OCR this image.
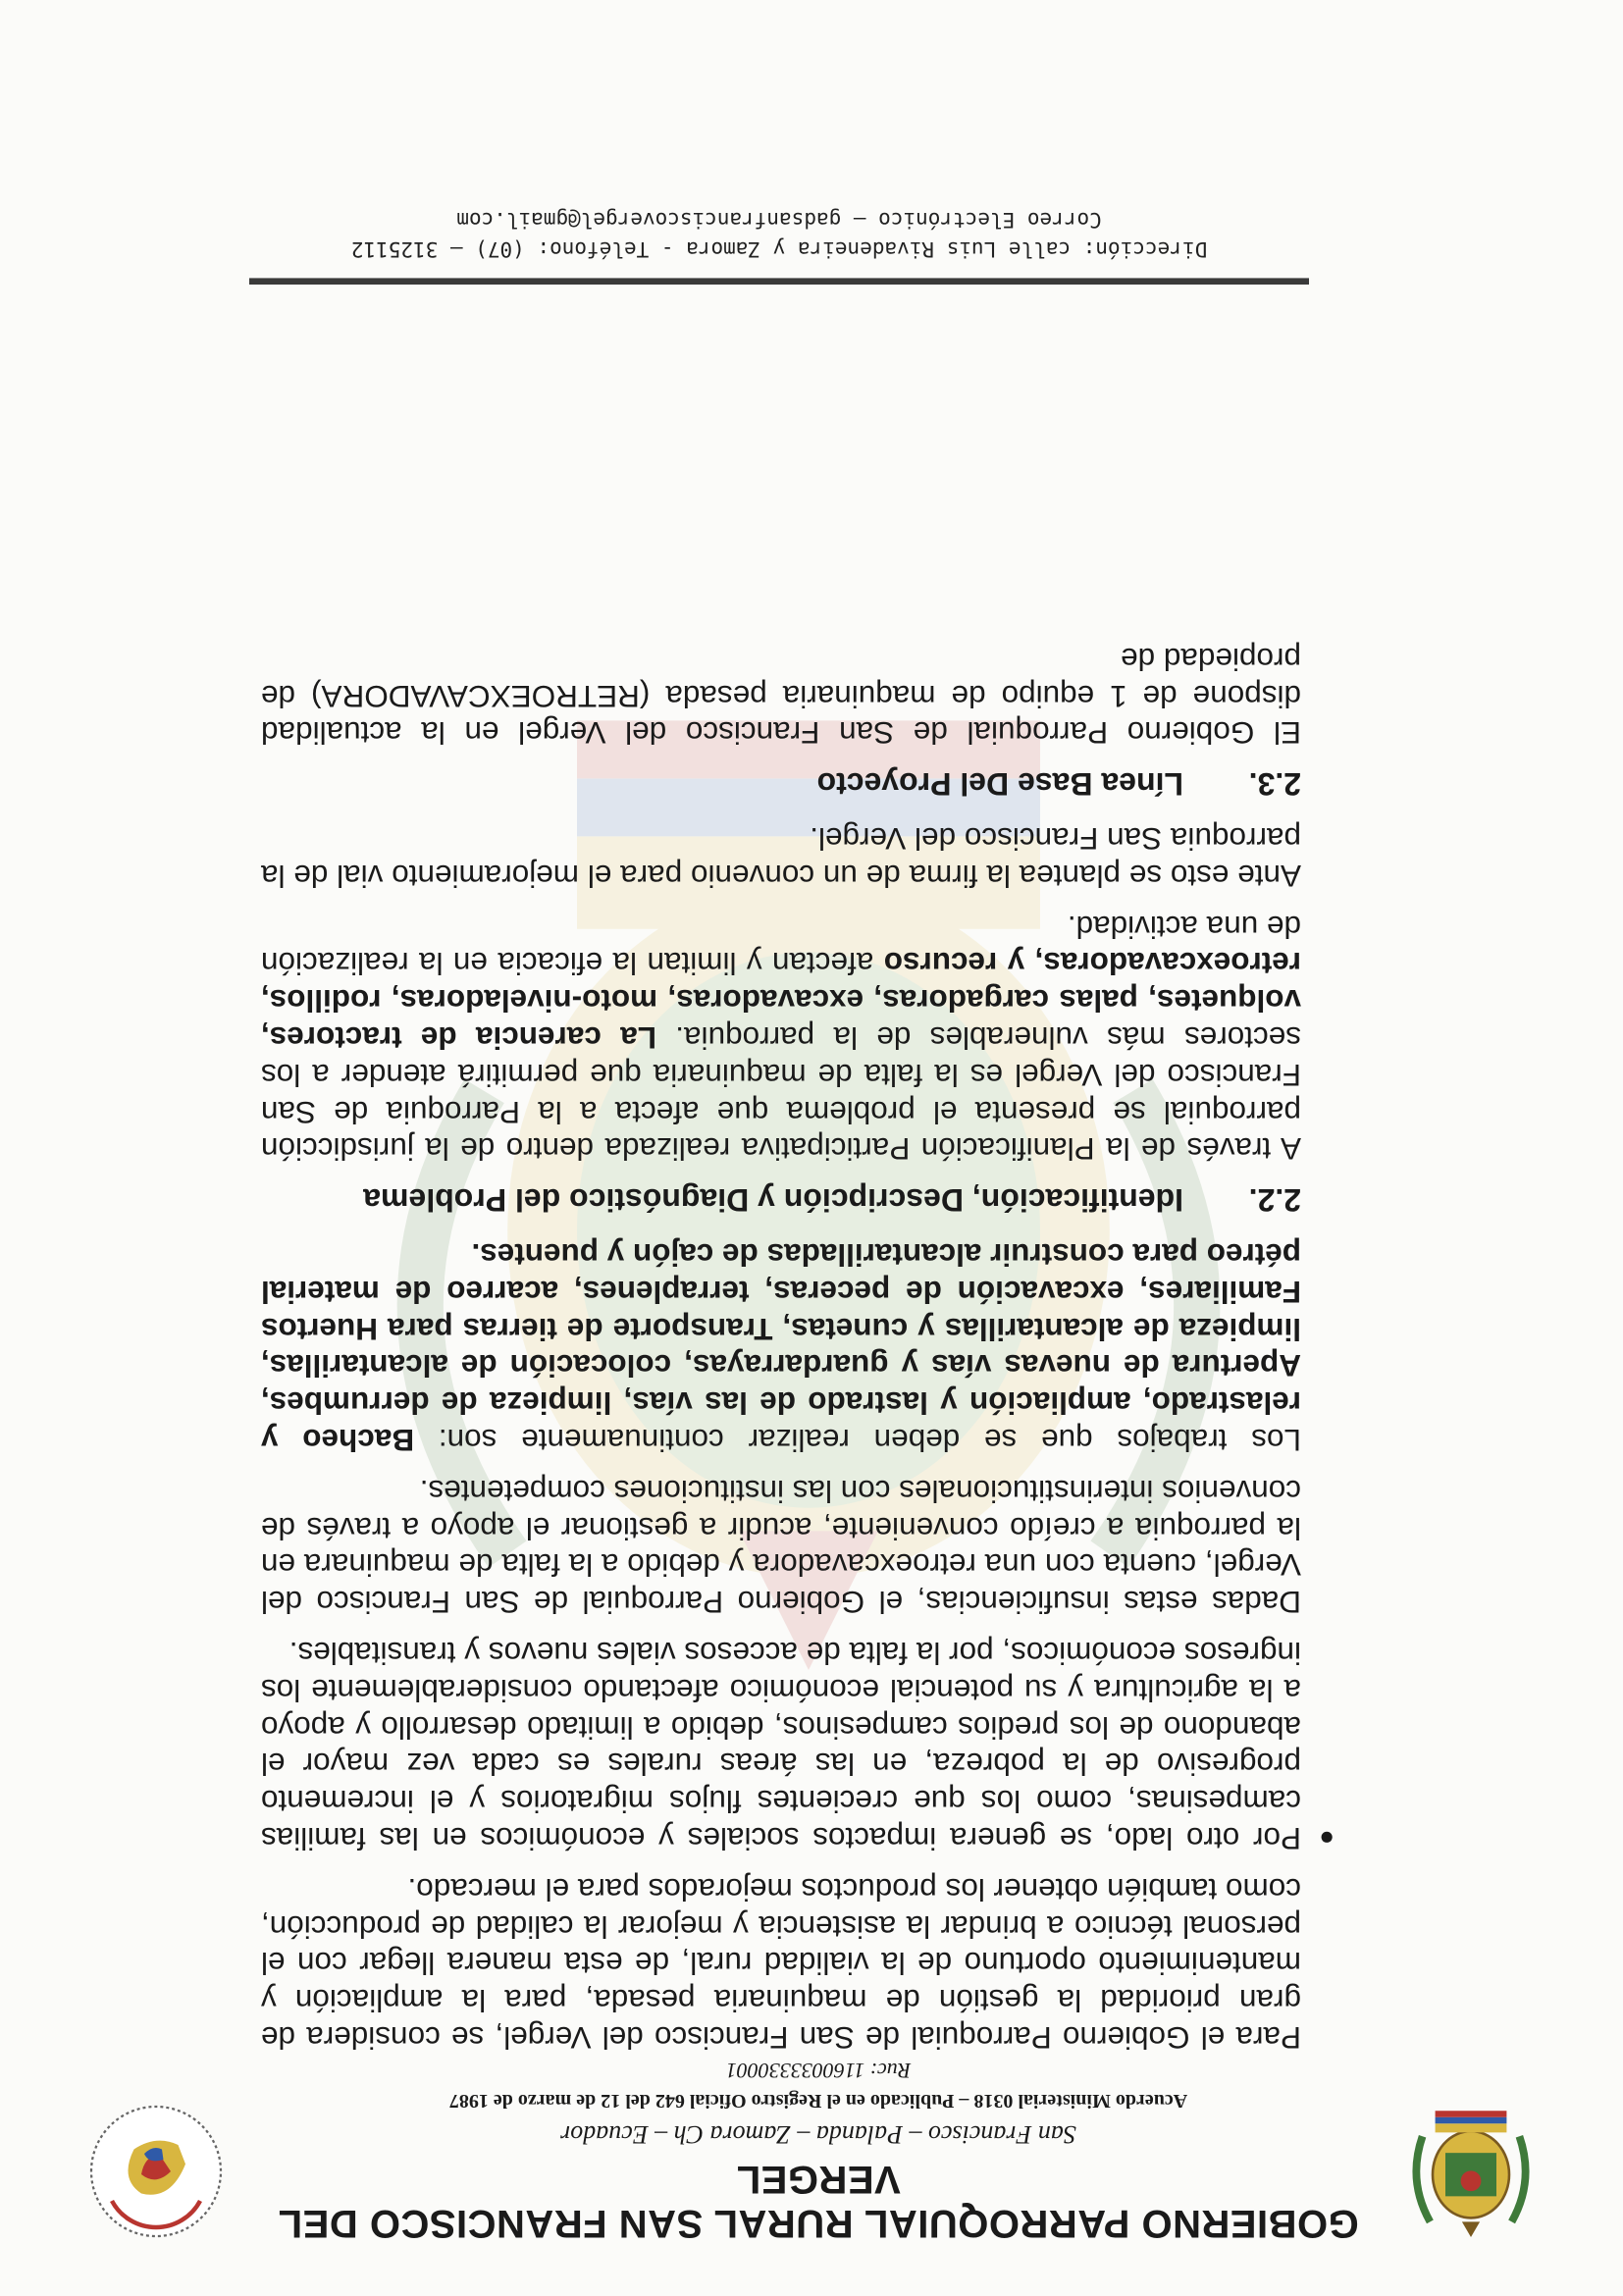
GOBIERNO PARROQUIAL RURAL SAN FRANCISCO DEL VERGEL
San Francisco – Palanda – Zamora Ch – Ecuador
Acuerdo Ministerial 0318 – Publicado en el Registro Oficial 642 del 12 de marzo de 1987
Ruc: 1160033330001

Para el Gobierno Parroquial de San Francisco del Vergel, se considera de gran prioridad la gestión de maquinaria pesada, para la ampliación y mantenimiento oportuno de la vialidad rural, de esta manera llegar con el personal técnico a brindar la asistencia y mejorar la calidad de producción, como también obtener los productos mejorados para el mercado.

●
Por otro lado, se genera impactos sociales y económicos en las familias campesinas, como los que crecientes flujos migratorios y el incremento progresivo de la pobreza, en las áreas rurales es cada vez mayor el abandono de los predios campesinos, debido a limitado desarrollo y apoyo a la agricultura y su potencial económico afectando considerablemente los ingresos económicos, por la falta de accesos viales nuevos y transitables.

Dadas estas insuficiencias, el Gobierno Parroquial de San Francisco del Vergel, cuenta con una retroexcavadora y debido a la falta de maquinara en la parroquia a creído conveniente, acudir a gestionar el apoyo a través de convenios interinstitucionales con las instituciones competentes.

Los trabajos que se deben realizar continuamente son: Bacheo y relastrado, ampliación y lastrado de las vías, limpieza de derrumbes, Apertura de nuevas vías y guardarrayas, colocación de alcantarillas, limpieza de alcantarillas y cunetas, Transporte de tierras para Huertos Familiares, excavación de peceras, terraplenes, acarreo de material pétreo para construir alcantarilladas de cajón y puentes.

2.2.Identificación, Descripción y Diagnóstico del Problema

A través de la Planificación Participativa realizada dentro de la jurisdicción parroquial se presenta el problema que afecta a la Parroquia de San Francisco del Vergel es la falta de maquinaria que permitirá atender a los sectores más vulnerables de la parroquia. La carencia de tractores, volquetes, palas cargadoras, excavadoras, moto-niveladoras, rodillos, retroexcavadoras, y recurso afectan y limitan la eficacia en la realización de una actividad.

Ante esto se plantea la firma de un convenio para el mejoramiento vial de la parroquia San Francisco del Vergel.

2.3.Línea Base Del Proyecto

El Gobierno Parroquial de San Francisco del Vergel en la actualidad dispone de 1 equipo de maquinaria pesada (RETROEXCAVADORA) de propiedad de

Dirección: calle Luis Rivadeneira y Zamora - Teléfono: (07) – 3125112
Correo Electrónico – gadsanfranciscovergel@gmail.com
